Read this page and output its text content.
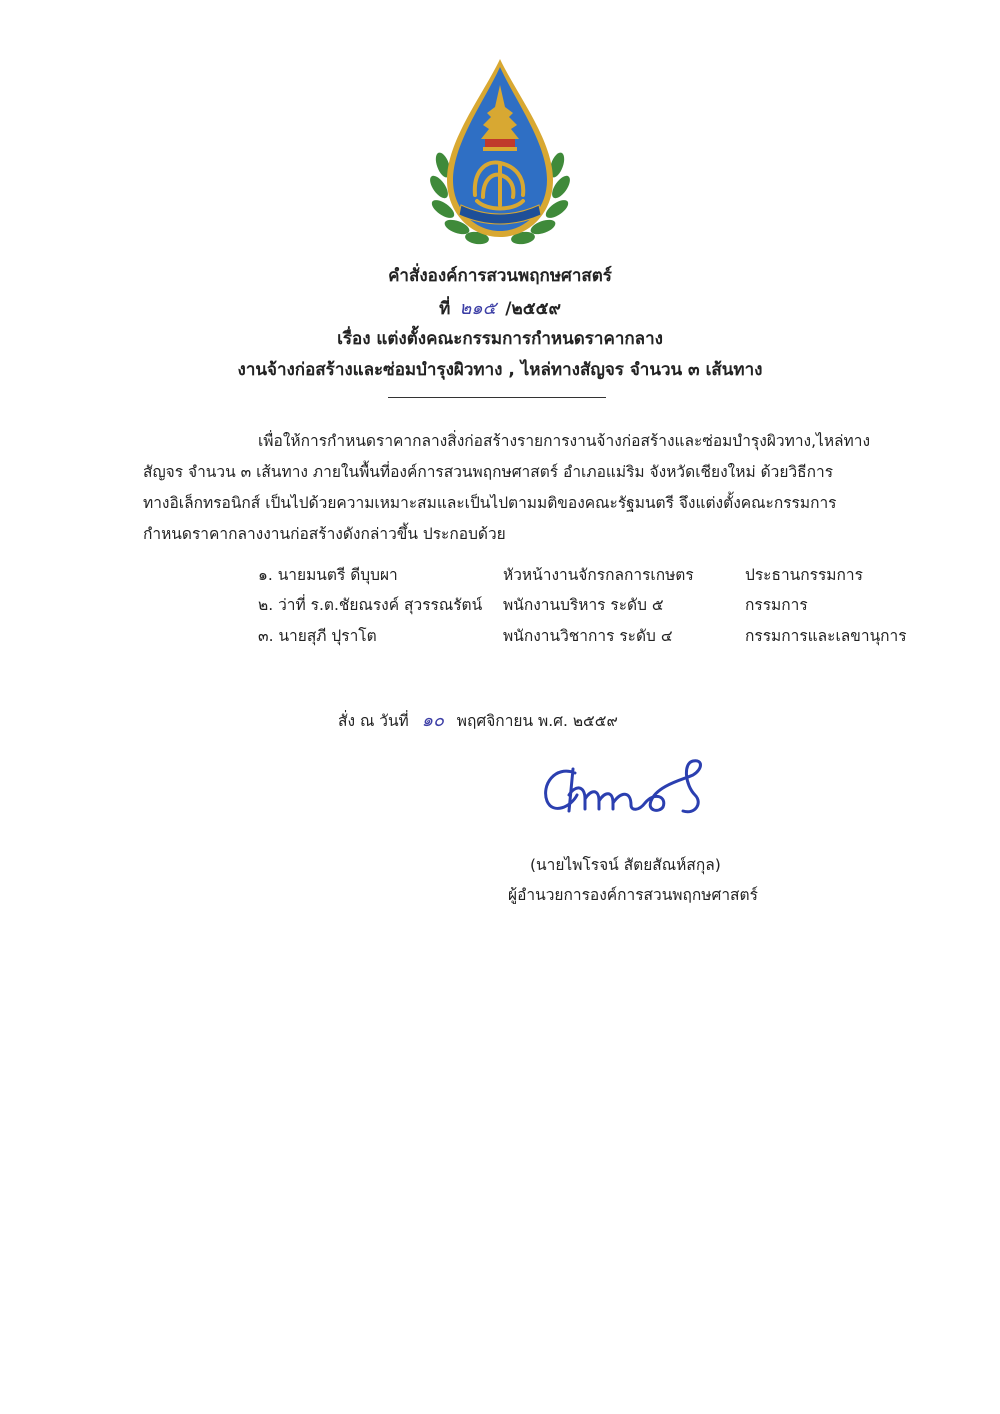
คำสั่งองค์การสวนพฤกษศาสตร์
ที่ ๒๑๕ /๒๕๕๙
เรื่อง แต่งตั้งคณะกรรมการกำหนดราคากลาง
งานจ้างก่อสร้างและซ่อมบำรุงผิวทาง , ไหล่ทางสัญจร จำนวน ๓ เส้นทาง
เพื่อให้การกำหนดราคากลางสิ่งก่อสร้างรายการงานจ้างก่อสร้างและซ่อมบำรุงผิวทาง,ไหล่ทาง
สัญจร จำนวน ๓ เส้นทาง ภายในพื้นที่องค์การสวนพฤกษศาสตร์ อำเภอแม่ริม จังหวัดเชียงใหม่ ด้วยวิธีการ
ทางอิเล็กทรอนิกส์ เป็นไปด้วยความเหมาะสมและเป็นไปตามมติของคณะรัฐมนตรี จึงแต่งตั้งคณะกรรมการ
กำหนดราคากลางงานก่อสร้างดังกล่าวขึ้น ประกอบด้วย
๑. นายมนตรี ดีบุบผา	หัวหน้างานจักรกลการเกษตร	ประธานกรรมการ
๒. ว่าที่ ร.ต.ชัยณรงค์ สุวรรณรัตน์ พนักงานบริหาร ระดับ ๕	กรรมการ
๓. นายสุภี ปุราโต	พนักงานวิชาการ ระดับ ๔	กรรมการและเลขานุการ
สั่ง ณ วันที่ ๑๐ พฤศจิกายน พ.ศ. ๒๕๕๙
(นายไพโรจน์ สัตยสัณห์สกุล)
ผู้อำนวยการองค์การสวนพฤกษศาสตร์
